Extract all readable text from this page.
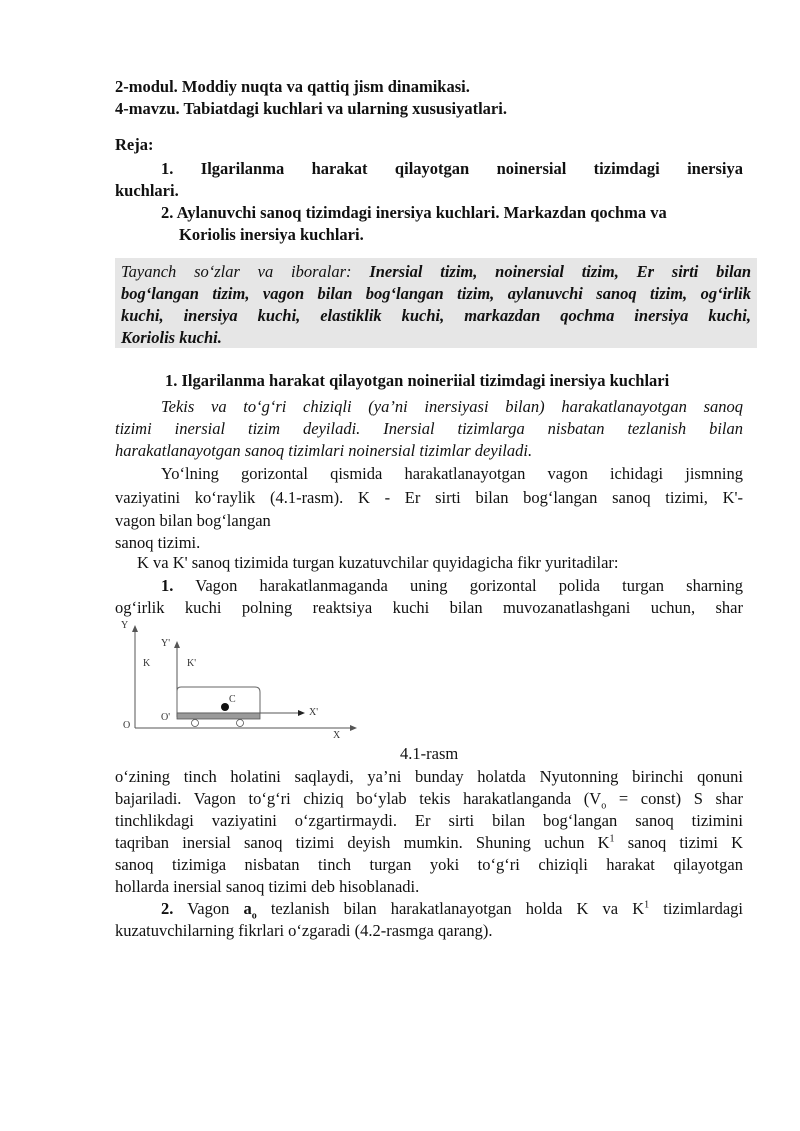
2-modul. Moddiy nuqta va qattiq jism dinamikasi.
4-mavzu. Tabiatdagi kuchlari va ularning xususiyatlari.
Reja:
1. Ilgarilanma harakat qilayotgan noinersial tizimdagi inersiya
kuchlari.
2. Aylanuvchi sanoq tizimdagi inersiya kuchlari. Markazdan qochma va
Koriolis inersiya kuchlari.
Tayanch so‘zlar va iboralar: Inersial tizim, noinersial tizim, Er sirti bilan
bog‘langan tizim, vagon bilan bog‘langan tizim, aylanuvchi sanoq tizim, og‘irlik
kuchi, inersiya kuchi, elastiklik kuchi, markazdan qochma inersiya kuchi,
Koriolis kuchi.
1. Ilgarilanma harakat qilayotgan noineriial tizimdagi inersiya kuchlari
Tekis va to‘g‘ri chiziqli (ya’ni inersiyasi bilan) harakatlanayotgan sanoq
tizimi inersial tizim deyiladi. Inersial tizimlarga nisbatan tezlanish bilan
harakatlanayotgan sanoq tizimlari noinersial tizimlar deyiladi.
Yo‘lning gorizontal qismida harakatlanayotgan vagon ichidagi jismning
vaziyatini ko‘raylik (4.1-rasm). K - Er sirti bilan bog‘langan sanoq tizimi, K'-
vagon bilan bog‘langan
sanoq tizimi.
K va K' sanoq tizimida turgan kuzatuvchilar quyidagicha fikr yuritadilar:
1. Vagon harakatlanmaganda uning gorizontal polida turgan sharning
og‘irlik kuchi polning reaktsiya kuchi bilan muvozanatlashgani uchun, shar
4.1-rasm
o‘zining tinch holatini saqlaydi, ya’ni bunday holatda Nyutonning birinchi qonuni
bajariladi. Vagon to‘g‘ri chiziq bo‘ylab tekis harakatlanganda ($V_o$ = const) S shar
tinchlikdagi vaziyatini o‘zgartirmaydi. Er sirti bilan bog‘langan sanoq tizimini
taqriban inersial sanoq tizimi deyish mumkin. Shuning uchun $K^1$ sanoq tizimi K
sanoq tizimiga nisbatan tinch turgan yoki to‘g‘ri chiziqli harakat qilayotgan
hollarda inersial sanoq tizimi deb hisoblanadi.
2. Vagon $a_o$ tezlanish bilan harakatlanayotgan holda K va $K^1$ tizimlardagi
kuzatuvchilarning fikrlari o‘zgaradi (4.2-rasmga qarang).
Y
O
K
X
Y'
K'
O'	X'
C
